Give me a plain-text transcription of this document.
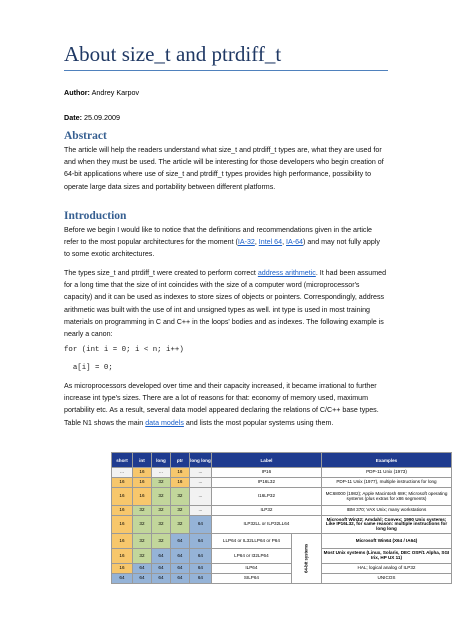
About size_t and ptrdiff_t
Author: Andrey Karpov
Date: 25.09.2009
Abstract
The article will help the readers understand what size_t and ptrdiff_t types are, what they are used for
and when they must be used. The article will be interesting for those developers who begin creation of
64-bit applications where use of size_t and ptrdiff_t types provides high performance, possibility to
operate large data sizes and portability between different platforms.
Introduction
Before we begin I would like to notice that the definitions and recommendations given in the article
refer to the most popular architectures for the moment (IA-32, Intel 64, IA-64) and may not fully apply
to some exotic architectures.
The types size_t and ptrdiff_t were created to perform correct address arithmetic. It had been assumed
for a long time that the size of int coincides with the size of a computer word (microprocessor's
capacity) and it can be used as indexes to store sizes of objects or pointers. Correspondingly, address
arithmetic was built with the use of int and unsigned types as well. int type is used in most training
materials on programming in C and C++ in the loops' bodies and as indexes. The following example is
nearly a canon:
for (int i = 0; i < n; i++)
a[i] = 0;
As microprocessors developed over time and their capacity increased, it became irrational to further
increase int type's sizes. There are a lot of reasons for that: economy of memory used, maximum
portability etc. As a result, several data model appeared declaring the relations of C/C++ base types.
Table N1 shows the main data models and lists the most popular systems using them.
short	int	long	ptr	long long	Label		Examples
...	16	...	16	...	IP16		PDP-11 Unix (1973)
16	16	32	16	...	IP16L32		PDP-11 Unix (1977), multiple instructions for long
16	16	32	32	...	I16LP32		MC68000 (1982); Apple Macintosh 68K; Microsoft operating systems (plus extras for x86 segments)
16	32	32	32	...	ILP32		IBM 370; VAX Unix; many workstations
16	32	32	32	64	ILP32LL or ILP32LL64		Microsoft Win32; Amdahl; Convex; 1990 Unix systems; Like IP16L32, for same reason: multiple instructions for long long
16	32	32	64	64	LLP64 or IL32LLP64 or P64	64-bit systems	Microsoft Win64 (X64 / IA64)
16	32	64	64	64	LP64 or I32LP64		Most Unix systems (Linux, Solaris, DEC OSF/1 Alpha, SGI Irix, HP UX 11)
16	64	64	64	64	ILP64		HAL; logical analog of ILP32
64	64	64	64	64	SILP64		UNICOS
